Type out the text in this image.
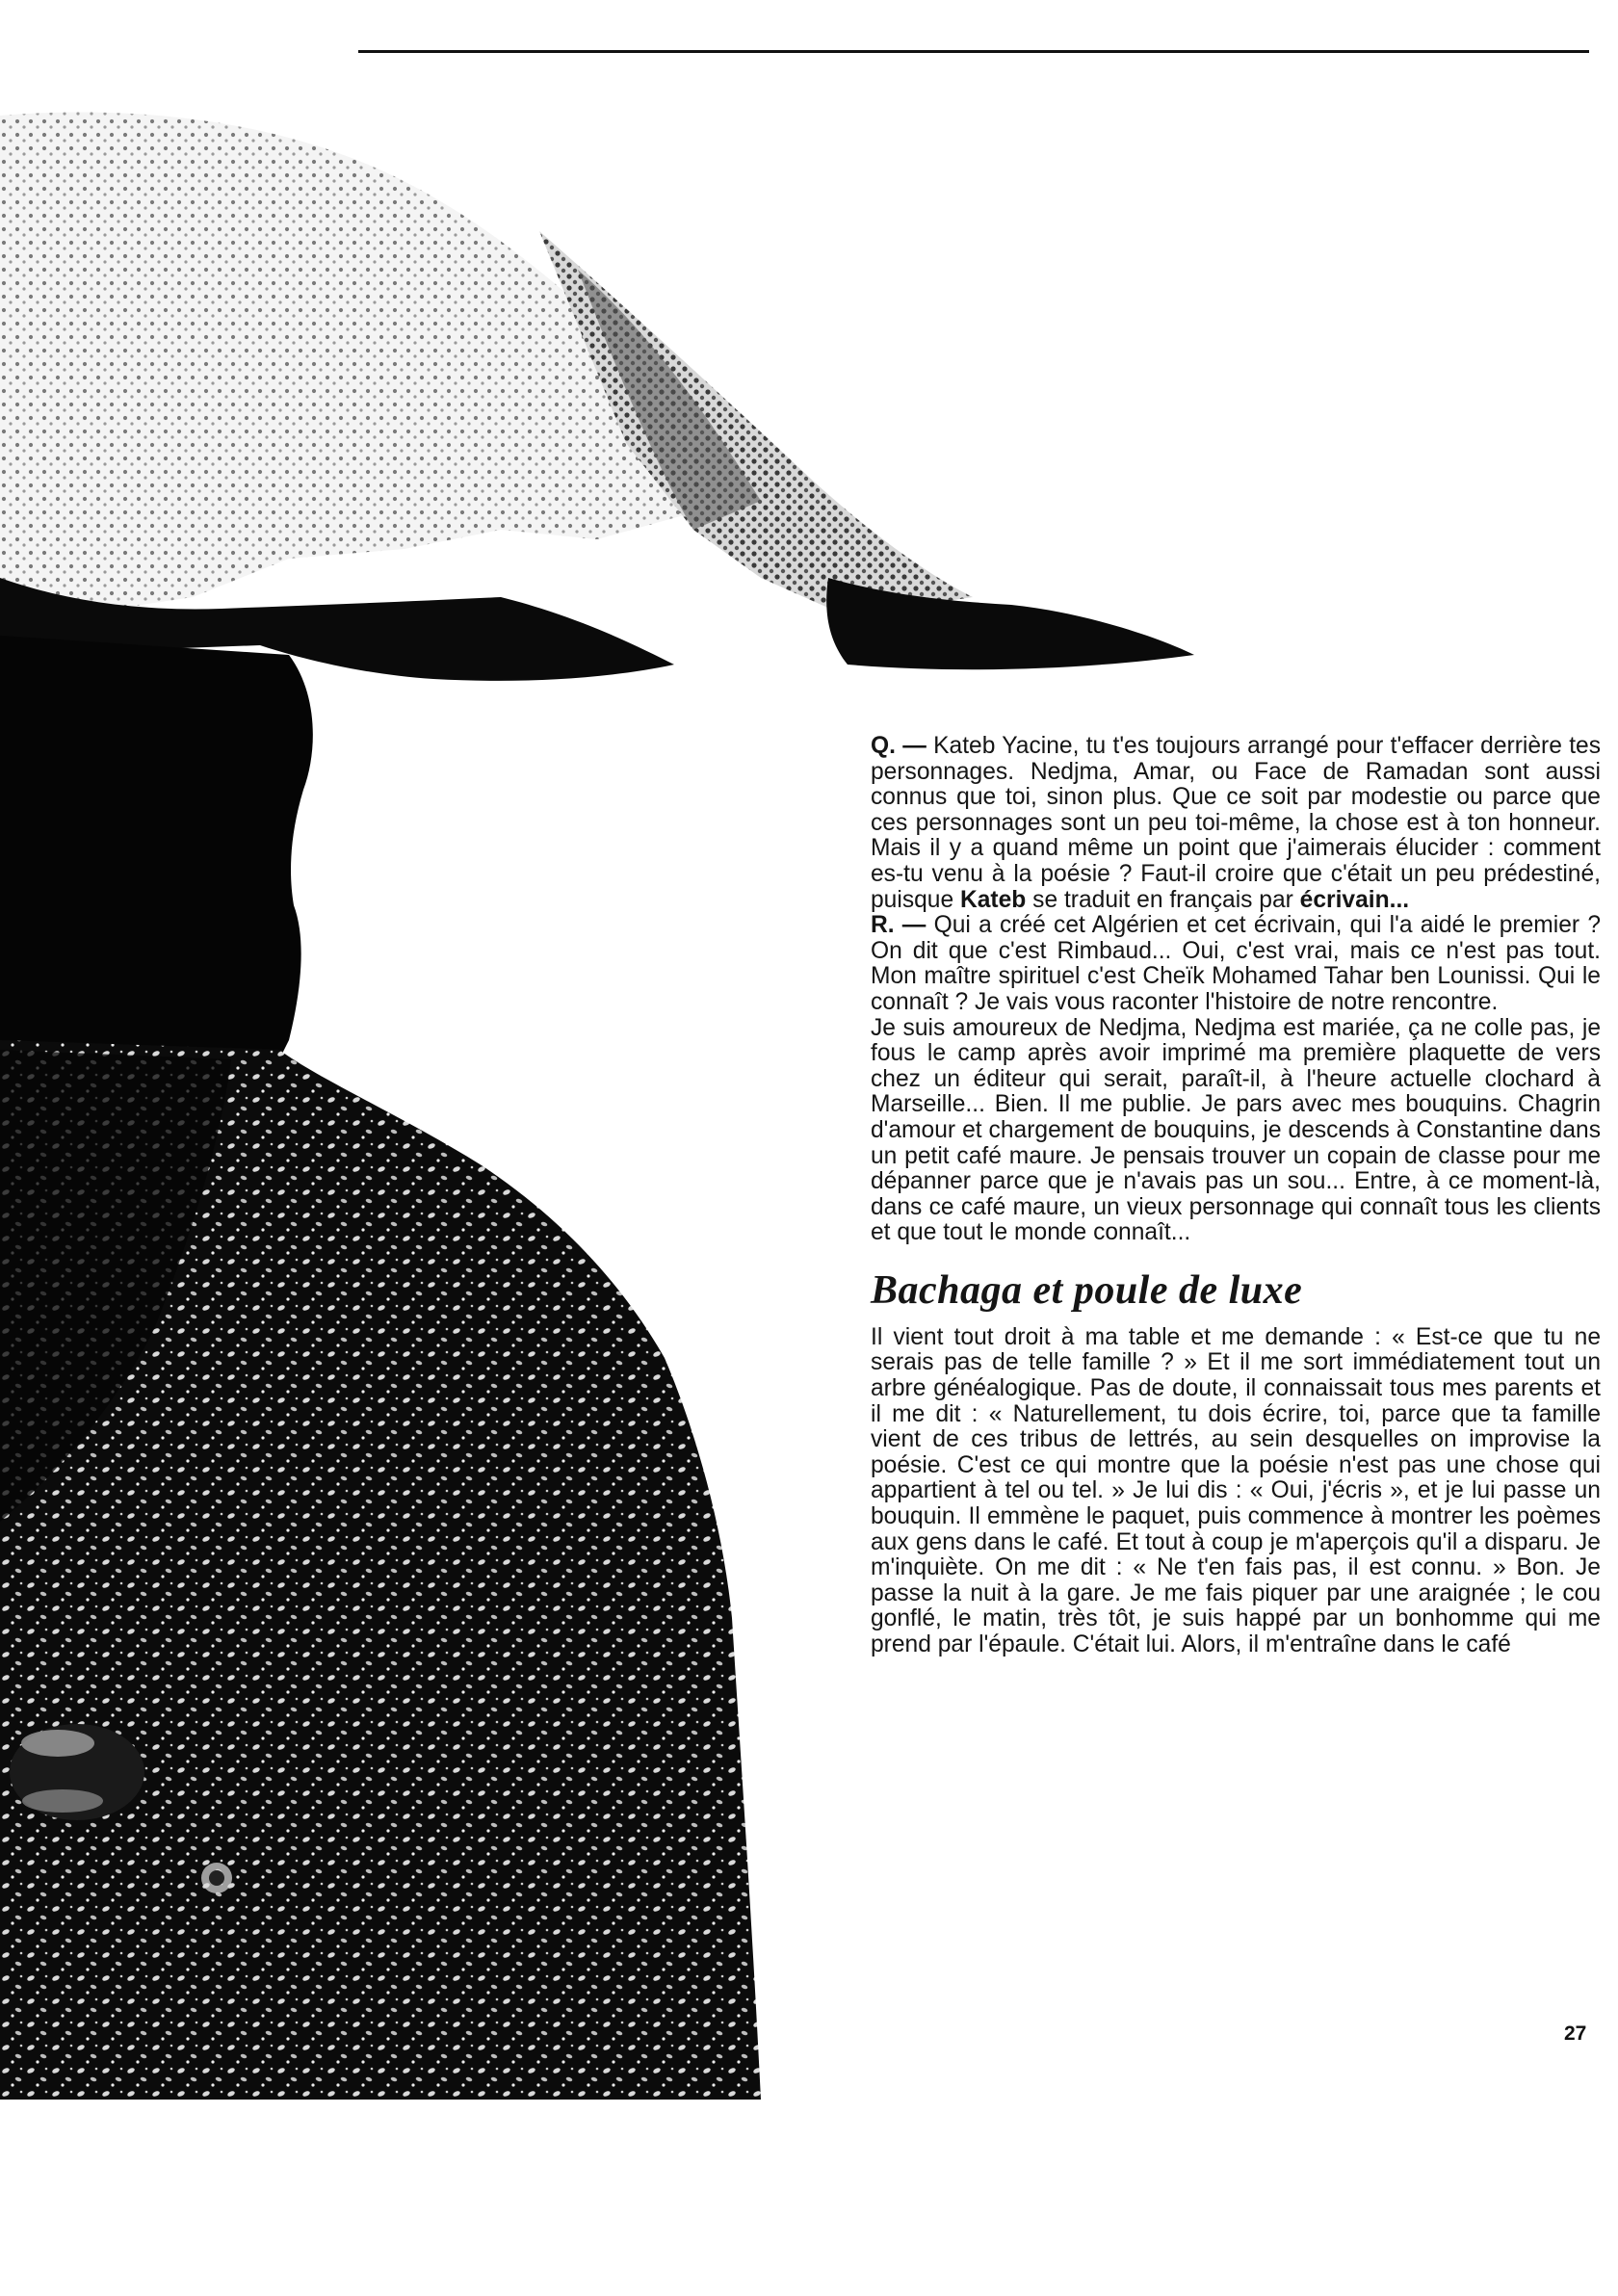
Q. — Kateb Yacine, tu t'es toujours arrangé pour t'effacer derrière tes personnages. Nedjma, Amar, ou Face de Ramadan sont aussi connus que toi, sinon plus. Que ce soit par modestie ou parce que ces personnages sont un peu toi-même, la chose est à ton honneur. Mais il y a quand même un point que j'aimerais élucider : comment es-tu venu à la poésie ? Faut-il croire que c'était un peu prédestiné, puisque Kateb se traduit en français par écrivain...

R. — Qui a créé cet Algérien et cet écrivain, qui l'a aidé le premier ? On dit que c'est Rimbaud... Oui, c'est vrai, mais ce n'est pas tout. Mon maître spirituel c'est Cheïk Mohamed Tahar ben Lounissi. Qui le connaît ? Je vais vous raconter l'histoire de notre rencontre.

Je suis amoureux de Nedjma, Nedjma est mariée, ça ne colle pas, je fous le camp après avoir imprimé ma première plaquette de vers chez un éditeur qui serait, paraît-il, à l'heure actuelle clochard à Marseille... Bien. Il me publie. Je pars avec mes bouquins. Chagrin d'amour et chargement de bouquins, je descends à Constantine dans un petit café maure. Je pensais trouver un copain de classe pour me dépanner parce que je n'avais pas un sou... Entre, à ce moment-là, dans ce café maure, un vieux personnage qui connaît tous les clients et que tout le monde connaît...

Bachaga et poule de luxe

Il vient tout droit à ma table et me demande : « Est-ce que tu ne serais pas de telle famille ? » Et il me sort immédiatement tout un arbre généalogique. Pas de doute, il connaissait tous mes parents et il me dit : « Naturellement, tu dois écrire, toi, parce que ta famille vient de ces tribus de lettrés, au sein desquelles on improvise la poésie. C'est ce qui montre que la poésie n'est pas une chose qui appartient à tel ou tel. » Je lui dis : « Oui, j'écris », et je lui passe un bouquin. Il emmène le paquet, puis commence à montrer les poèmes aux gens dans le café. Et tout à coup je m'aperçois qu'il a disparu. Je m'inquiète. On me dit : « Ne t'en fais pas, il est connu. » Bon. Je passe la nuit à la gare. Je me fais piquer par une araignée ; le cou gonflé, le matin, très tôt, je suis happé par un bonhomme qui me prend par l'épaule. C'était lui. Alors, il m'entraîne dans le café

27
